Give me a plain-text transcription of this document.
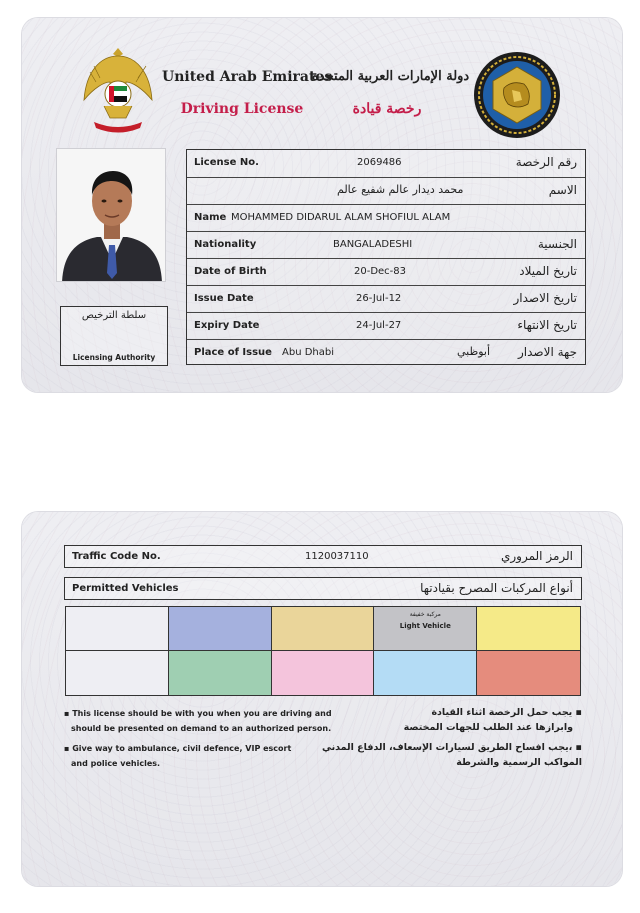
United Arab Emirates
دولة الإمارات العربية المتحدة
Driving License	رخصة قيادة
سلطة الترخيص
Licensing Authority
License No.	2069486	رقم الرخصة
محمد ديدار عالم شفيع عالم	الاسم
Name MOHAMMED DIDARUL ALAM SHOFIUL ALAM
Nationality	BANGALADESHI	الجنسية
Date of Birth	20-Dec-83	تاريخ الميلاد
Issue Date	26-Jul-12	تاريخ الاصدار
Expiry Date	24-Jul-27	تاريخ الانتهاء
Place of Issue Abu Dhabi	أبوظبي جهة الاصدار
Traffic Code No.	1120037110	الرمز المروري
Permitted Vehicles	أنواع المركبات المصرح بقيادتها
مركبة خفيفة
Light Vehicle
▪ This license should be with you when you are driving and
should be presented on demand to an authorized person.
▪ Give way to ambulance, civil defence, VIP escort
and police vehicles.
يجب حمل الرخصة اثناء القيادة ▪
وابرازها عند الطلب للجهات المختصة
يجب افساح الطريق لسيارات الإسعاف، الدفاع المدني، ▪
المواكب الرسمية والشرطة
